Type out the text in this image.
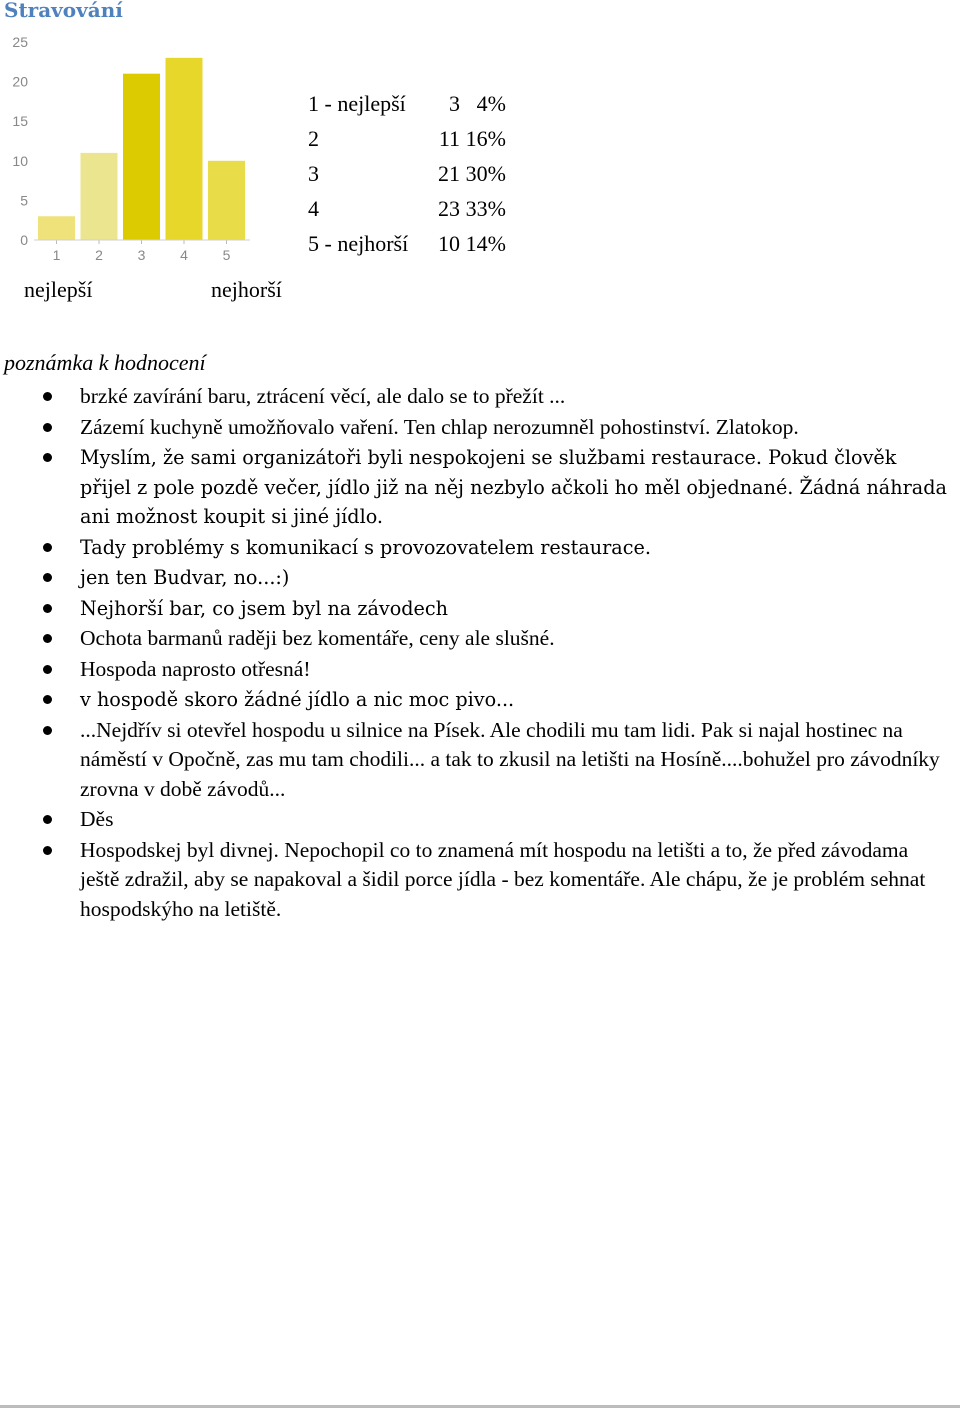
Stravování
0
5
10
15
20
25
1 2 3 4 5
1 - nejlepší	3 4%
2	11 16%
3	21 30%
4	23 33%
5 - nejhorší	10 14%
nejlepší	nejhorší
poznámka k hodnocení
brzké zavírání baru, ztrácení věcí, ale dalo se to přežít ...
Zázemí kuchyně umožňovalo vaření. Ten chlap nerozumněl pohostinství. Zlatokop.
Myslím, že sami organizátoři byli nespokojeni se službami restaurace. Pokud člověk přijel z pole pozdě večer, jídlo již na něj nezbylo ačkoli ho měl objednané. Žádná náhrada ani možnost koupit si jiné jídlo.
Tady problémy s komunikací s provozovatelem restaurace.
jen ten Budvar, no...:)
Nejhorší bar, co jsem byl na závodech
Ochota barmanů raději bez komentáře, ceny ale slušné.
Hospoda naprosto otřesná!
v hospodě skoro žádné jídlo a nic moc pivo...
...Nejdřív si otevřel hospodu u silnice na Písek. Ale chodili mu tam lidi. Pak si najal hostinec na náměstí v Opočně, zas mu tam chodili... a tak to zkusil na letišti na Hosíně....bohužel pro závodníky zrovna v době závodů...
Děs
Hospodskej byl divnej. Nepochopil co to znamená mít hospodu na letišti a to, že před závodama ještě zdražil, aby se napakoval a šidil porce jídla - bez komentáře. Ale chápu, že je problém sehnat hospodskýho na letiště.
